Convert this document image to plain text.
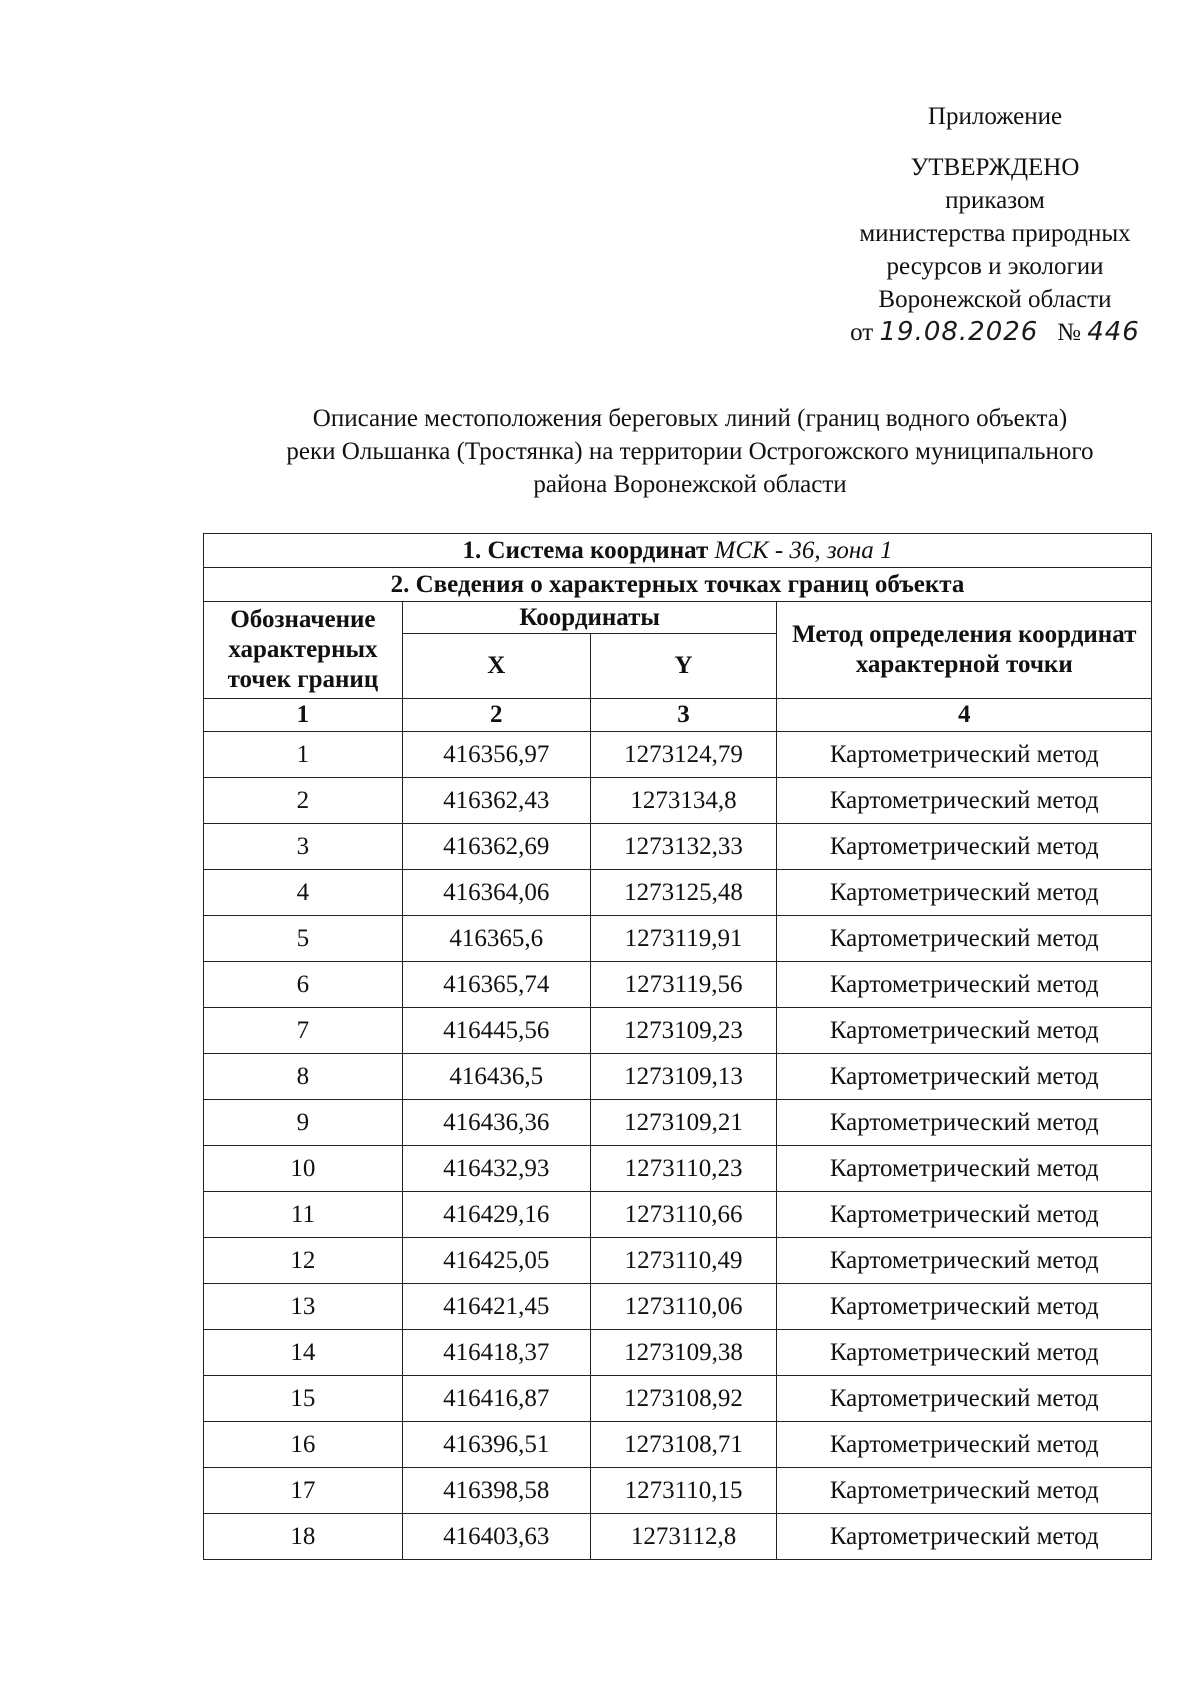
Приложение
УТВЕРЖДЕНО
приказом
министерства природных
ресурсов и экологии
Воронежской области
от 19.08.2026 № 446
Описание местоположения береговых линий (границ водного объекта)
реки Ольшанка (Тростянка) на территории Острогожского муниципального
района Воронежской области
1. Система координат МСК - 36, зона 1			
2. Сведения о характерных точках границ объекта			
Обозначение характерных точек границ	Координаты		Метод определения координат характерной точки
	X	Y	
1	2	3	4
1	416356,97	1273124,79	Картометрический метод
2	416362,43	1273134,8	Картометрический метод
3	416362,69	1273132,33	Картометрический метод
4	416364,06	1273125,48	Картометрический метод
5	416365,6	1273119,91	Картометрический метод
6	416365,74	1273119,56	Картометрический метод
7	416445,56	1273109,23	Картометрический метод
8	416436,5	1273109,13	Картометрический метод
9	416436,36	1273109,21	Картометрический метод
10	416432,93	1273110,23	Картометрический метод
11	416429,16	1273110,66	Картометрический метод
12	416425,05	1273110,49	Картометрический метод
13	416421,45	1273110,06	Картометрический метод
14	416418,37	1273109,38	Картометрический метод
15	416416,87	1273108,92	Картометрический метод
16	416396,51	1273108,71	Картометрический метод
17	416398,58	1273110,15	Картометрический метод
18	416403,63	1273112,8	Картометрический метод
